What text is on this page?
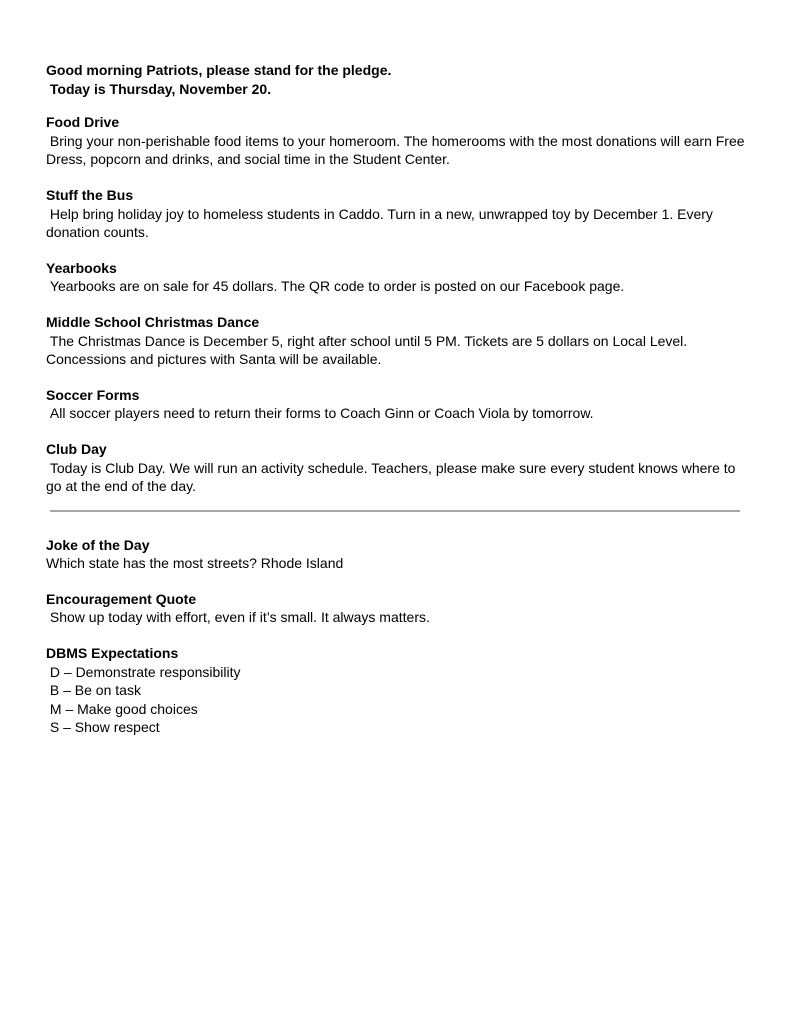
Good morning Patriots, please stand for the pledge.
Today is Thursday, November 20.
Food Drive
Bring your non-perishable food items to your homeroom. The homerooms with the most donations will earn Free Dress, popcorn and drinks, and social time in the Student Center.
Stuff the Bus
Help bring holiday joy to homeless students in Caddo. Turn in a new, unwrapped toy by December 1. Every donation counts.
Yearbooks
Yearbooks are on sale for 45 dollars. The QR code to order is posted on our Facebook page.
Middle School Christmas Dance
The Christmas Dance is December 5, right after school until 5 PM. Tickets are 5 dollars on Local Level. Concessions and pictures with Santa will be available.
Soccer Forms
All soccer players need to return their forms to Coach Ginn or Coach Viola by tomorrow.
Club Day
Today is Club Day. We will run an activity schedule. Teachers, please make sure every student knows where to go at the end of the day.
Joke of the Day
Which state has the most streets? Rhode Island
Encouragement Quote
Show up today with effort, even if it’s small. It always matters.
DBMS Expectations
D – Demonstrate responsibility
B – Be on task
M – Make good choices
S – Show respect
